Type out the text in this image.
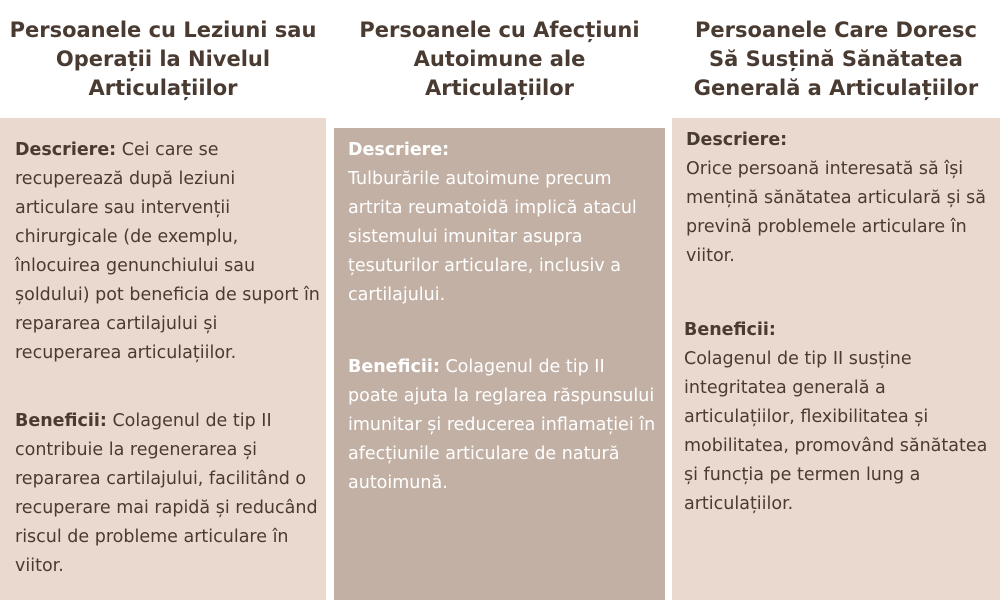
Persoanele cu Leziuni sau Operații la Nivelul Articulațiilor
Descriere: Cei care se recuperează după leziuni articulare sau intervenții chirurgicale (de exemplu, înlocuirea genunchiului sau șoldului) pot beneficia de suport în repararea cartilajului și recuperarea articulațiilor.
Beneficii: Colagenul de tip II contribuie la regenerarea și repararea cartilajului, facilitând o recuperare mai rapidă și reducând riscul de probleme articulare în viitor.
Persoanele cu Afecțiuni Autoimune ale Articulațiilor
Descriere:
Tulburările autoimune precum artrita reumatoidă implică atacul sistemului imunitar asupra țesuturilor articulare, inclusiv a cartilajului.
Beneficii: Colagenul de tip II poate ajuta la reglarea răspunsului imunitar și reducerea inflamației în afecțiunile articulare de natură autoimună.
Persoanele Care Doresc Să Susțină Sănătatea Generală a Articulațiilor
Descriere:
Orice persoană interesată să își mențină sănătatea articulară și să prevină problemele articulare în viitor.
Beneficii:
Colagenul de tip II susține integritatea generală a articulațiilor, flexibilitatea și mobilitatea, promovând sănătatea și funcția pe termen lung a articulațiilor.
